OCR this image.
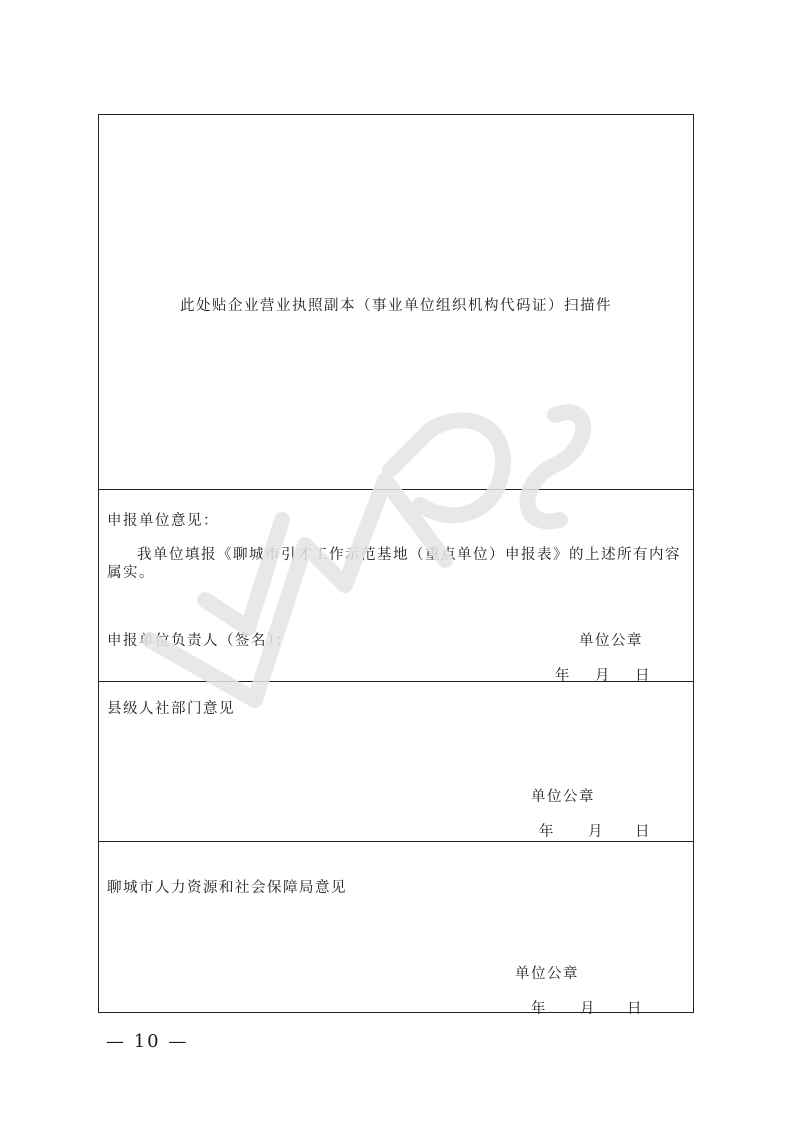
此处贴企业营业执照副本（事业单位组织机构代码证）扫描件
申报单位意见：
我单位填报《聊城市引才工作示范基地（重点单位）申报表》的上述所有内容
属实。
申报单位负责人（签名）：	单位公章
年 月 日
县级人社部门意见
单位公章
年 月 日
聊城市人力资源和社会保障局意见
单位公章
年 月 日
— 10 —
